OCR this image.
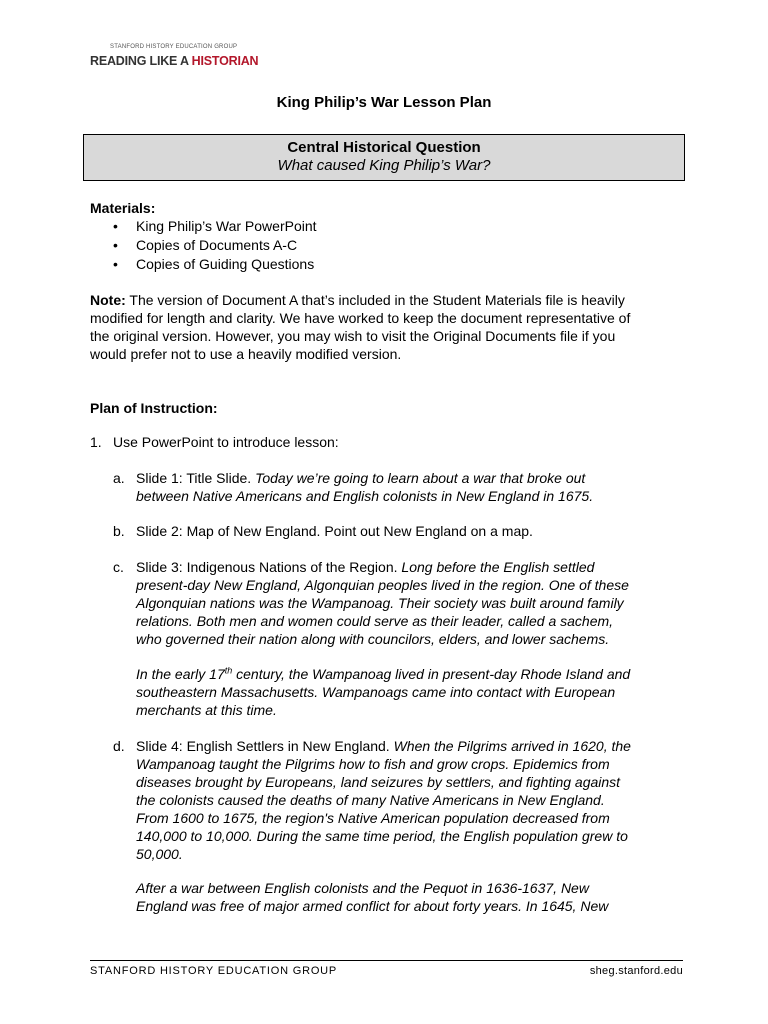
STANFORD HISTORY EDUCATION GROUP
READING LIKE A HISTORIAN
King Philip’s War Lesson Plan
Central Historical Question
What caused King Philip’s War?
Materials:
• King Philip’s War PowerPoint
• Copies of Documents A-C
• Copies of Guiding Questions
Note: The version of Document A that’s included in the Student Materials file is heavily
modified for length and clarity. We have worked to keep the document representative of
the original version. However, you may wish to visit the Original Documents file if you
would prefer not to use a heavily modified version.
Plan of Instruction:
1. Use PowerPoint to introduce lesson:
a. Slide 1: Title Slide. Today we’re going to learn about a war that broke out
between Native Americans and English colonists in New England in 1675.
b. Slide 2: Map of New England. Point out New England on a map.
c. Slide 3: Indigenous Nations of the Region. Long before the English settled
present-day New England, Algonquian peoples lived in the region. One of these
Algonquian nations was the Wampanoag. Their society was built around family
relations. Both men and women could serve as their leader, called a sachem,
who governed their nation along with councilors, elders, and lower sachems.
In the early 17th century, the Wampanoag lived in present-day Rhode Island and
southeastern Massachusetts. Wampanoags came into contact with European
merchants at this time.
d. Slide 4: English Settlers in New England. When the Pilgrims arrived in 1620, the
Wampanoag taught the Pilgrims how to fish and grow crops. Epidemics from
diseases brought by Europeans, land seizures by settlers, and fighting against
the colonists caused the deaths of many Native Americans in New England.
From 1600 to 1675, the region's Native American population decreased from
140,000 to 10,000. During the same time period, the English population grew to
50,000.
After a war between English colonists and the Pequot in 1636-1637, New
England was free of major armed conflict for about forty years. In 1645, New
STANFORD HISTORY EDUCATION GROUP	sheg.stanford.edu
